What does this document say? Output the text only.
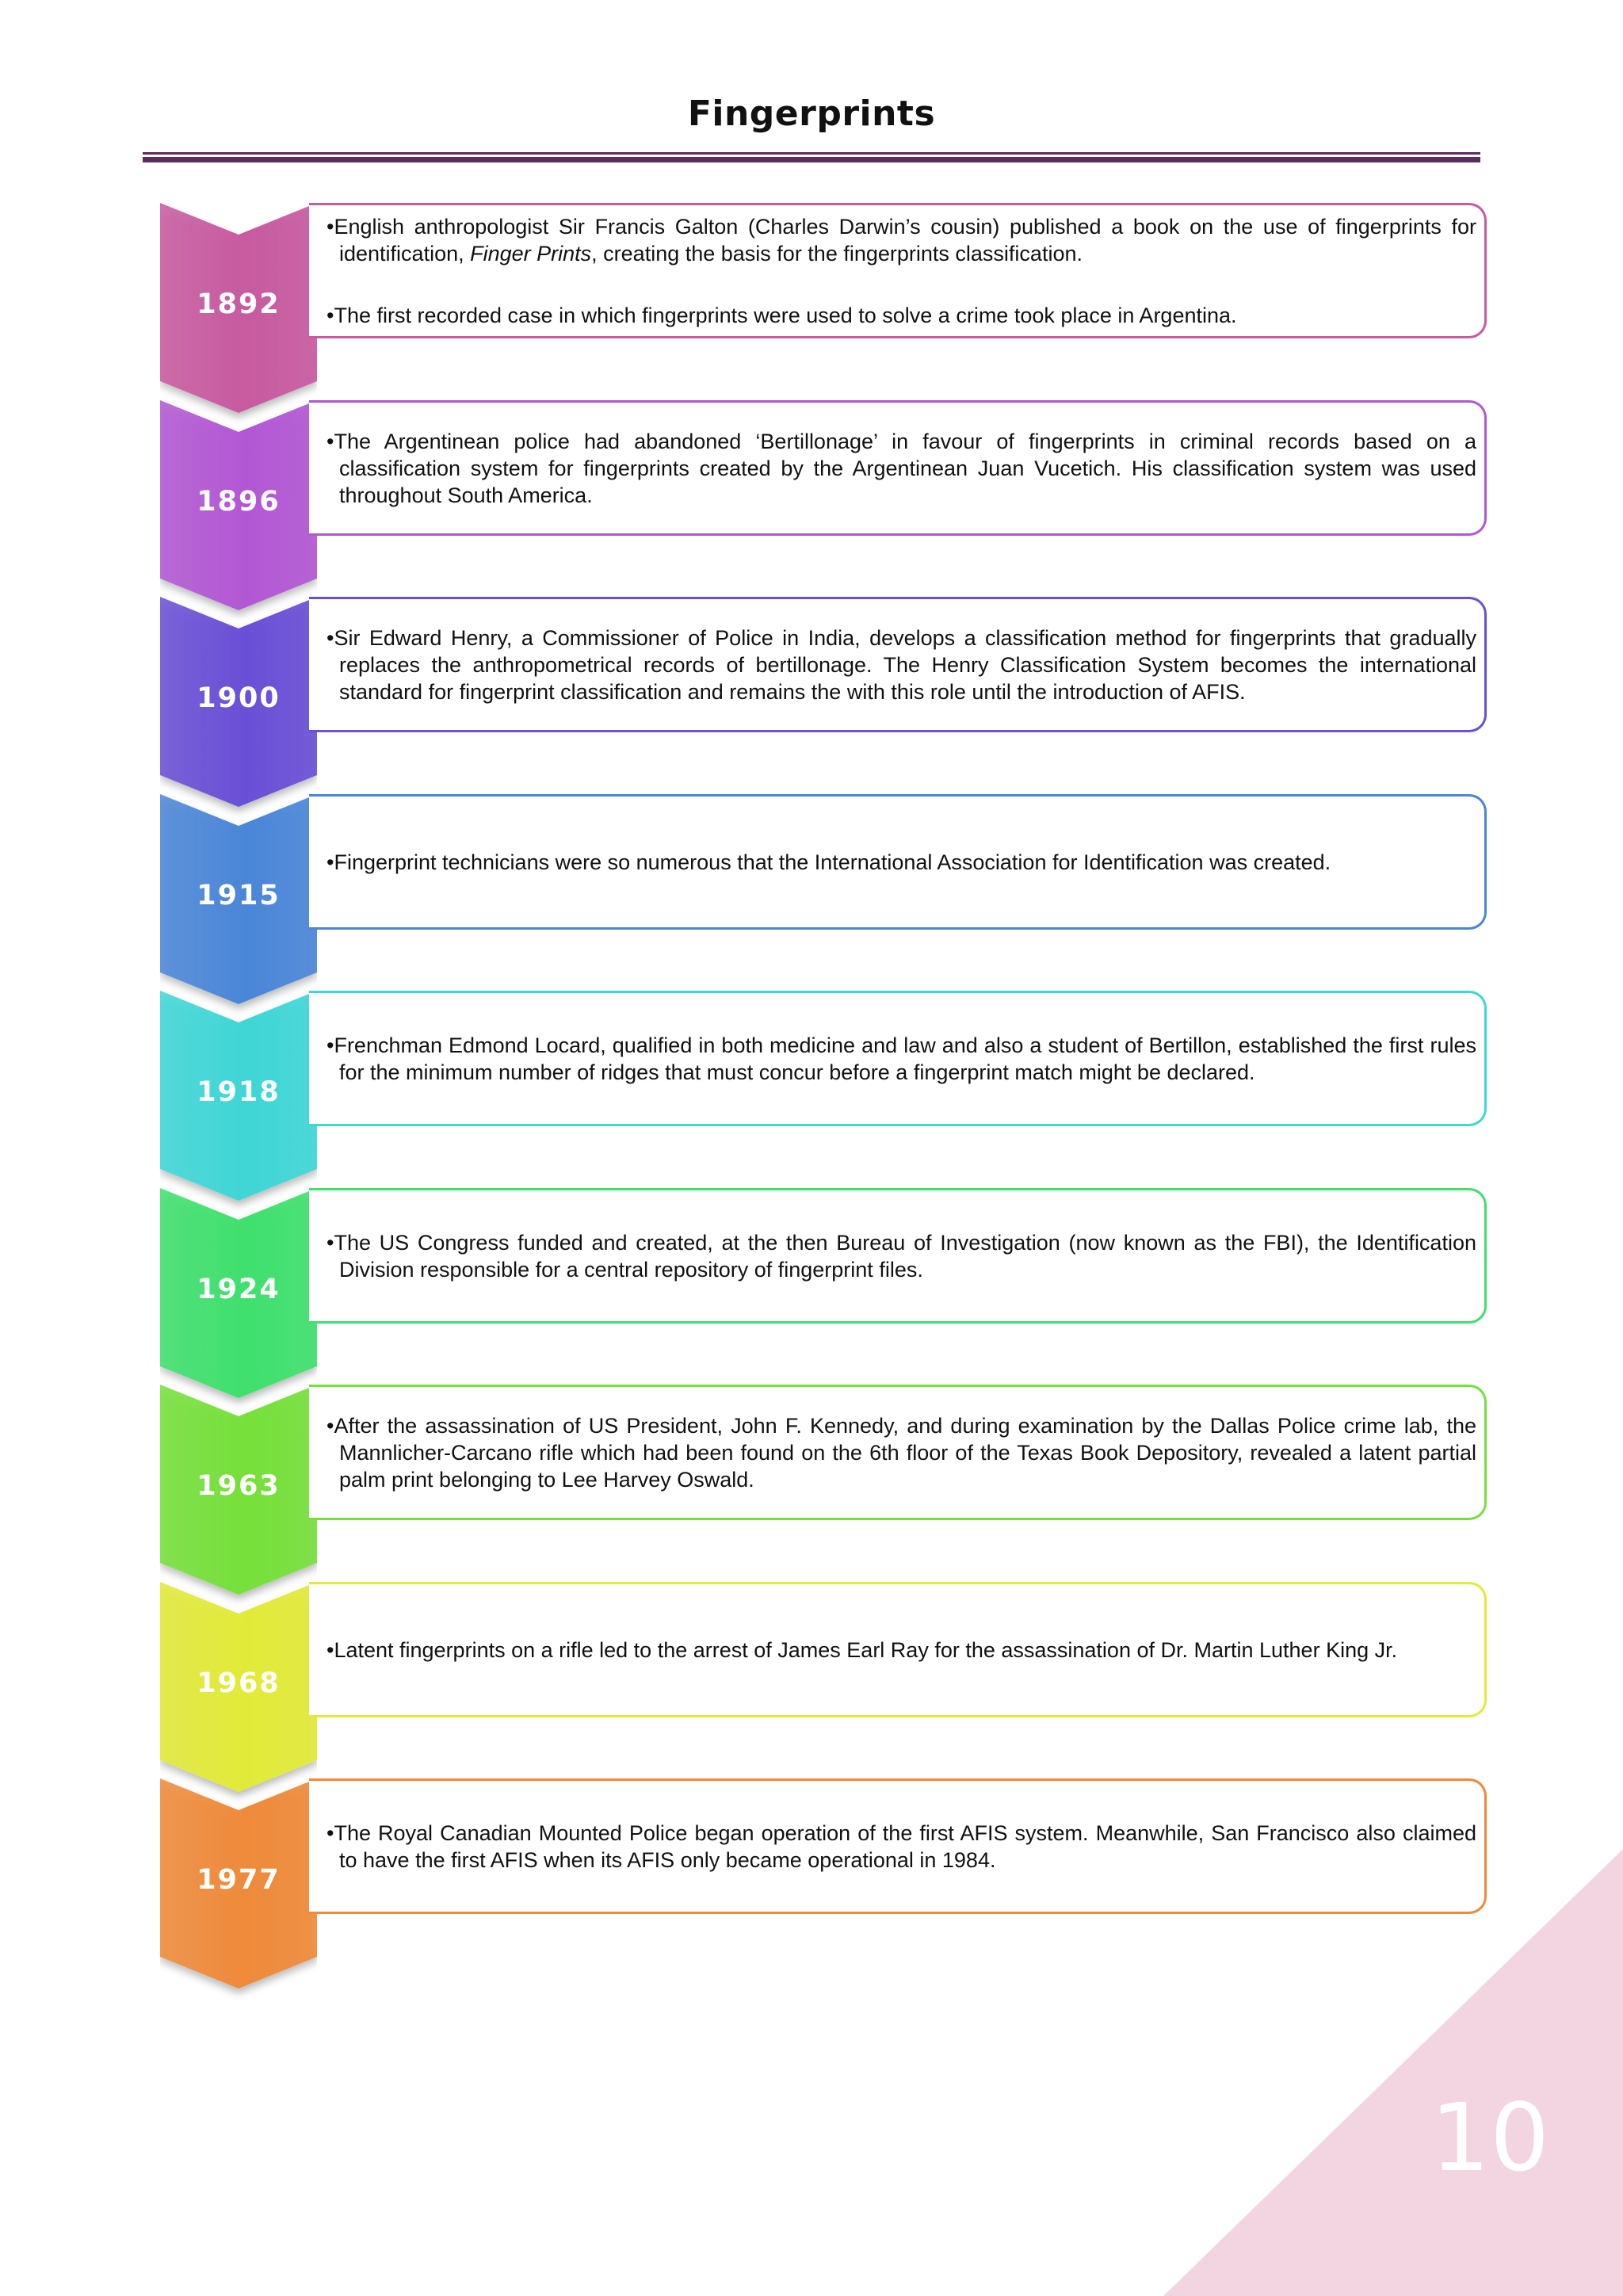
Fingerprints
1892

•English anthropologist Sir Francis Galton (Charles Darwin’s cousin) published a book on the use of fingerprints for identification, Finger Prints, creating the basis for the fingerprints classification.

•The first recorded case in which fingerprints were used to solve a crime took place in Argentina.

1896

•The Argentinean police had abandoned ‘Bertillonage’ in favour of fingerprints in criminal records based on a classification system for fingerprints created by the Argentinean Juan Vucetich. His classification system was used throughout South America.

1900

•Sir Edward Henry, a Commissioner of Police in India, develops a classification method for fingerprints that gradually replaces the anthropometrical records of bertillonage. The Henry Classification System becomes the international standard for fingerprint classification and remains the with this role until the introduction of AFIS.

1915

•Fingerprint technicians were so numerous that the International Association for Identification was created.

1918

•Frenchman Edmond Locard, qualified in both medicine and law and also a student of Bertillon, established the first rules for the minimum number of ridges that must concur before a fingerprint match might be declared.

1924

•The US Congress funded and created, at the then Bureau of Investigation (now known as the FBI), the Identification Division responsible for a central repository of fingerprint files.

1963

•After the assassination of US President, John F. Kennedy, and during examination by the Dallas Police crime lab, the Mannlicher-Carcano rifle which had been found on the 6th floor of the Texas Book Depository, revealed a latent partial palm print belonging to Lee Harvey Oswald.

1968

•Latent fingerprints on a rifle led to the arrest of James Earl Ray for the assassination of Dr. Martin Luther King Jr.

1977

•The Royal Canadian Mounted Police began operation of the first AFIS system. Meanwhile, San Francisco also claimed to have the first AFIS when its AFIS only became operational in 1984.

10
